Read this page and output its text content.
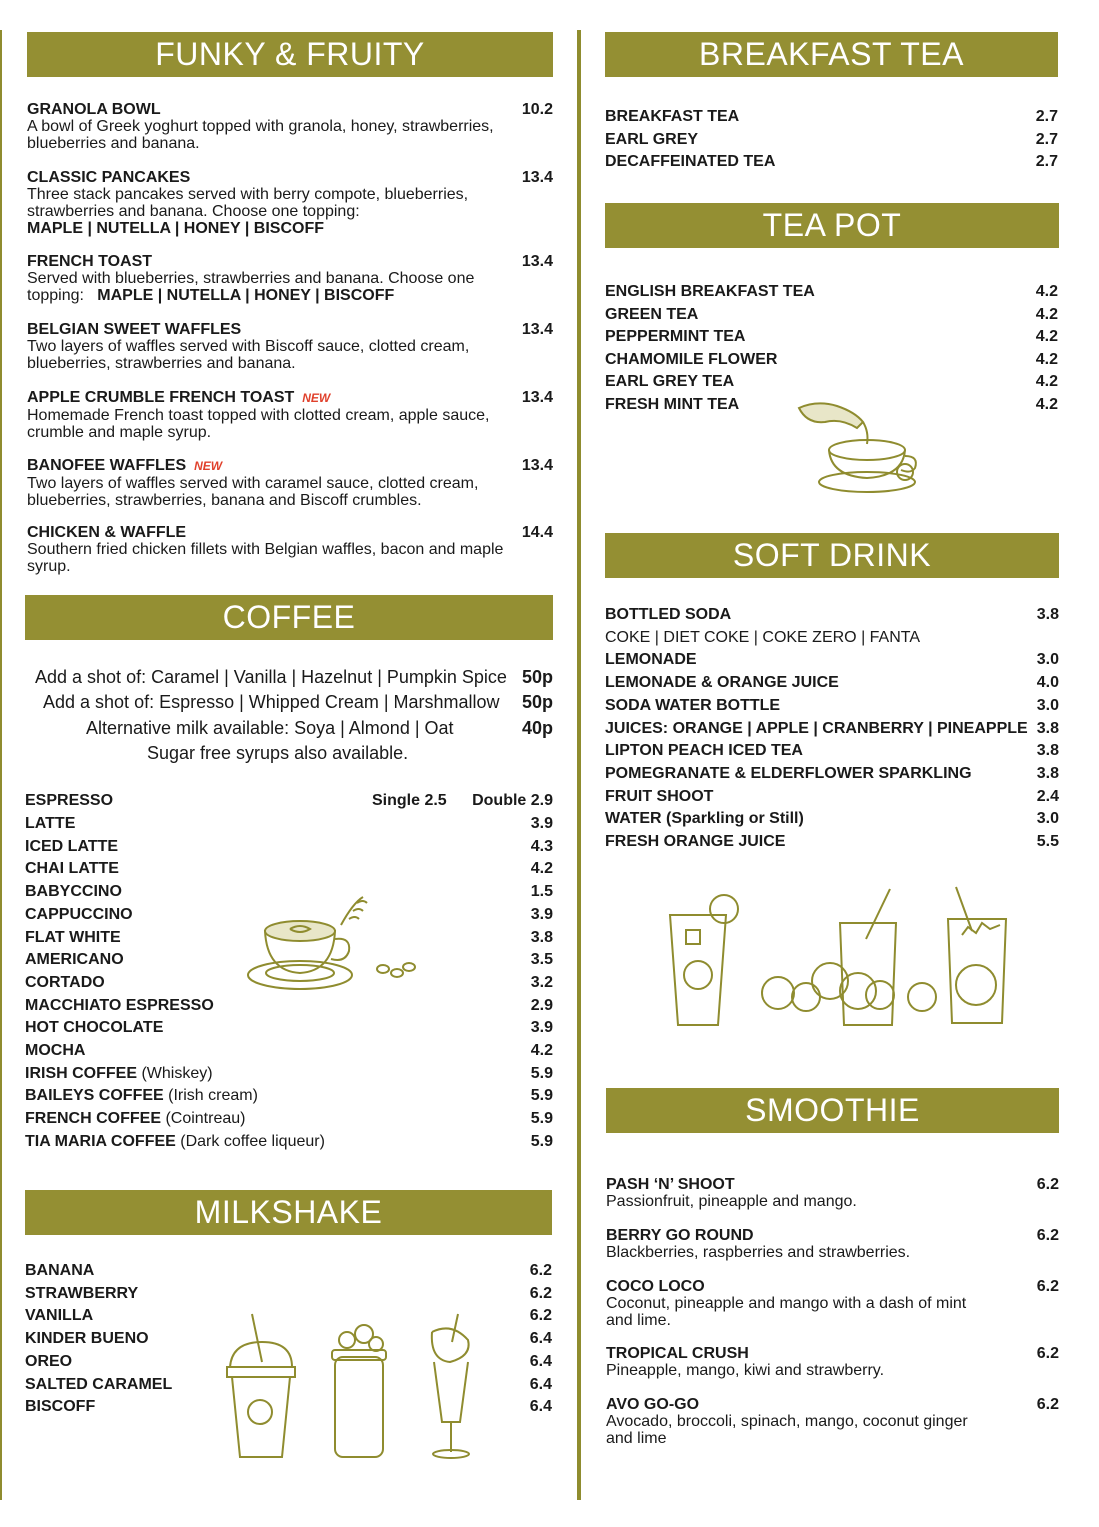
FUNKY & FRUITY
GRANOLA BOWL	10.2
A bowl of Greek yoghurt topped with granola, honey, strawberries, blueberries and banana.
CLASSIC PANCAKES	13.4
Three stack pancakes served with berry compote, blueberries, strawberries and banana. Choose one topping:
MAPLE | NUTELLA | HONEY | BISCOFF
FRENCH TOAST	13.4
Served with blueberries, strawberries and banana. Choose one topping: MAPLE | NUTELLA | HONEY | BISCOFF
BELGIAN SWEET WAFFLES	13.4
Two layers of waffles served with Biscoff sauce, clotted cream, blueberries, strawberries and banana.
APPLE CRUMBLE FRENCH TOAST NEW	13.4
Homemade French toast topped with clotted cream, apple sauce, crumble and maple syrup.
BANOFEE WAFFLES NEW	13.4
Two layers of waffles served with caramel sauce, clotted cream, blueberries, strawberries, banana and Biscoff crumbles.
CHICKEN & WAFFLE	14.4
Southern fried chicken fillets with Belgian waffles, bacon and maple syrup.
COFFEE
Add a shot of: Caramel | Vanilla | Hazelnut | Pumpkin Spice 50p
Add a shot of: Espresso | Whipped Cream | Marshmallow 50p
Alternative milk available: Soya | Almond | Oat	40p
Sugar free syrups also available.
ESPRESSO	Single 2.5 Double 2.9
LATTE	3.9
ICED LATTE	4.3
CHAI LATTE	4.2
BABYCCINO	1.5
CAPPUCCINO	3.9
FLAT WHITE	3.8
AMERICANO	3.5
CORTADO	3.2
MACCHIATO ESPRESSO	2.9
HOT CHOCOLATE	3.9
MOCHA	4.2
IRISH COFFEE (Whiskey)	5.9
BAILEYS COFFEE (Irish cream)	5.9
FRENCH COFFEE (Cointreau)	5.9
TIA MARIA COFFEE (Dark coffee liqueur)	5.9
MILKSHAKE
BANANA	6.2
STRAWBERRY	6.2
VANILLA	6.2
KINDER BUENO	6.4
OREO	6.4
SALTED CARAMEL	6.4
BISCOFF	6.4
BREAKFAST TEA
BREAKFAST TEA	2.7
EARL GREY	2.7
DECAFFEINATED TEA	2.7
TEA POT
ENGLISH BREAKFAST TEA	4.2
GREEN TEA	4.2
PEPPERMINT TEA	4.2
CHAMOMILE FLOWER	4.2
EARL GREY TEA	4.2
FRESH MINT TEA	4.2
SOFT DRINK
BOTTLED SODA	3.8
COKE | DIET COKE | COKE ZERO | FANTA
LEMONADE	3.0
LEMONADE & ORANGE JUICE	4.0
SODA WATER BOTTLE	3.0
JUICES: ORANGE | APPLE | CRANBERRY | PINEAPPLE 3.8
LIPTON PEACH ICED TEA	3.8
POMEGRANATE & ELDERFLOWER SPARKLING	3.8
FRUIT SHOOT	2.4
WATER (Sparkling or Still)	3.0
FRESH ORANGE JUICE	5.5
SMOOTHIE
PASH ‘N’ SHOOT	6.2
Passionfruit, pineapple and mango.
BERRY GO ROUND	6.2
Blackberries, raspberries and strawberries.
COCO LOCO	6.2
Coconut, pineapple and mango with a dash of mint and lime.
TROPICAL CRUSH	6.2
Pineapple, mango, kiwi and strawberry.
AVO GO-GO	6.2
Avocado, broccoli, spinach, mango, coconut ginger and lime
